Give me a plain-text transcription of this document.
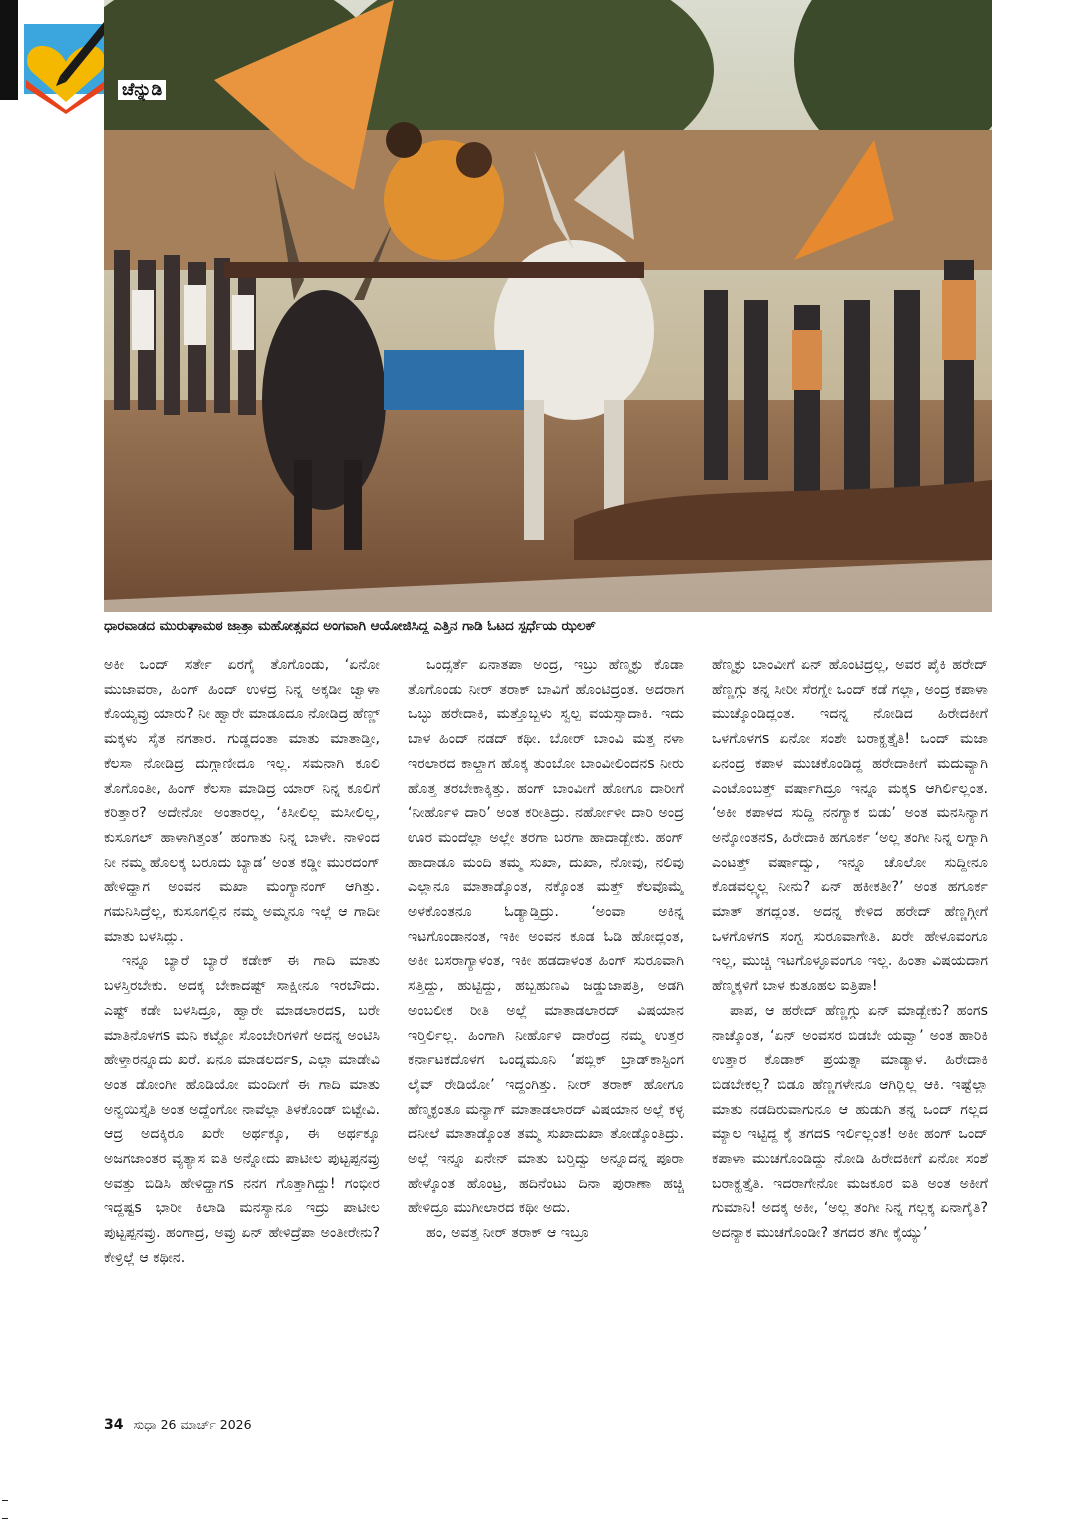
ಚೆನ್ನುಡಿ
ಧಾರವಾಡದ ಮುರುಘಾಮಠ ಜಾತ್ರಾ ಮಹೋತ್ಸವದ ಅಂಗವಾಗಿ ಆಯೋಜಿಸಿದ್ದ ಎತ್ತಿನ ಗಾಡಿ ಓಟದ ಸ್ಪರ್ಧೆಯ ಝಲಕ್

ಅಕೀ ಒಂದ್ ಸರ್ತೇ ಏರಗೈ ತೊಗೊಂಡು, ‘ಏನೋ ಮುಜಾವರಾ, ಹಿಂಗ್ ಹಿಂದ್ ಉಳದ್ರ ನಿನ್ನ ಅಕ್ಕಡೀ ಜ್ವಾಳಾ ಕೊಯ್ಯವ್ರು ಯಾರು? ನೀ ಹ್ವಾರೇ ಮಾಡೂದೂ ನೋಡಿದ್ರ ಹೆಣ್ಣ್ ಮಕ್ಕಳು ಸೈತ ನಗತಾರ. ಗುಡ್ಡದಂತಾ ಮಾತು ಮಾತಾಡ್ತೀ, ಕೆಲಸಾ ನೋಡಿದ್ರ ದುಗ್ಗಾಣೀದೂ ಇಲ್ಲ. ಸಮನಾಗಿ ಕೂಲಿ ತೊಗೊಂತೀ, ಹಿಂಗ್ ಕೆಲಸಾ ಮಾಡಿದ್ರ ಯಾರ್ ನಿನ್ನ ಕೂಲಿಗೆ ಕರಿತ್ತಾರ? ಅದೇನೋ ಅಂತಾರಲ್ಲ, ‘ಕಿಸೀಲಿಲ್ಲ ಮಸೀಲಿಲ್ಲ, ಕುಸೂಗಲ್ ಹಾಳಾಗಿತ್ತಂತ’ ಹಂಗಾತು ನಿನ್ನ ಬಾಳೇ. ನಾಳಿಂದ ನೀ ನಮ್ಮ ಹೊಲಕ್ಕ ಬರೂದು ಬ್ಯಾಡ’ ಅಂತ ಕಡ್ಡೀ ಮುರದಂಗ್ ಹೇಳಿದ್ಹಾಗ ಅಂವನ ಮಖಾ ಮಂಗ್ಯಾನಂಗ್ ಆಗಿತ್ತು. ಗಮನಿಸಿದ್ರೆಲ್ಲ, ಕುಸೂಗಲ್ಲಿನ ನಮ್ಮ ಅಮ್ಮನೂ ಇಲ್ಲೆ ಆ ಗಾದೀ ಮಾತು ಬಳಸಿದ್ಲು.

ಇನ್ನೂ ಬ್ಯಾರೆ ಬ್ಯಾರೆ ಕಡೇಕ್ ಈ ಗಾದಿ ಮಾತು ಬಳಸ್ತಿರಬೇಕು. ಅದಕ್ಕ ಬೇಕಾದಷ್ಟ್ ಸಾಕ್ಷೀನೂ ಇರಬೌದು. ಎಷ್ಟ್ ಕಡೇ ಬಳಸಿದ್ರೂ, ಹ್ವಾರೇ ಮಾಡಲಾರದs, ಬರೇ ಮಾತಿನೊಳಗs ಮನಿ ಕಟ್ಟೋ ಸೊಂಬೇರಿಗಳಿಗೆ ಅದನ್ನ ಅಂಟಿಸಿ ಹೇಳ್ತಾರನ್ನೂದು ಖರೆ. ಏನೂ ಮಾಡಲರ್ದs, ಎಲ್ಲಾ ಮಾಡೇವಿ ಅಂತ ಡೋಂಗೀ ಹೊಡಿಯೋ ಮಂದೀಗೆ ಈ ಗಾದಿ ಮಾತು ಅನ್ವಯಿಸ್ತೈತಿ ಅಂತ ಅದ್ದೆಂಗೋ ನಾವೆಲ್ಲಾ ತಿಳಕೊಂಡ್ ಬಿಟ್ಟೇವಿ. ಆದ್ರ ಅದಕ್ಕಿರೂ ಖರೇ ಅರ್ಥಕ್ಕೂ, ಈ ಅರ್ಥಕ್ಕೂ ಅಜಗಜಾಂತರ ವ್ಯತ್ಯಾಸ ಐತಿ ಅನ್ನೋದು ಪಾಟೀಲ ಪುಟ್ಟಪ್ಪನವ್ರು ಅವತ್ತು ಬಿಡಿಸಿ ಹೇಳಿದ್ಹಾಗs ನನಗ ಗೊತ್ತಾಗಿದ್ದು! ಗಂಭೀರ ಇದ್ದಷ್ಟs ಭಾರೀ ಕಿಲಾಡಿ ಮನಸ್ಯಾನೂ ಇದ್ರು ಪಾಟೀಲ ಪುಟ್ಟಪ್ಪನವ್ರು. ಹಂಗಾದ್ರ, ಅವ್ರು ಏನ್ ಹೇಳಿದ್ರೆಪಾ ಅಂತೀರೇನು? ಕೇಳ್ರಿಲ್ಲೆ ಆ ಕಥೀನ.

ಒಂದ್ಸರ್ತೆ ಏನಾತಪಾ ಅಂದ್ರ, ಇಬ್ರು ಹೆಣ್ಮಕ್ಳು ಕೊಡಾ ತೊಗೊಂಡು ನೀರ್ ತರಾಕ್ ಬಾವಿಗೆ ಹೊಂಟಿದ್ರಂತ. ಅದರಾಗ ಒಬ್ಳು ಹರೇದಾಕಿ, ಮತ್ತೊಬ್ಬಳು ಸ್ವಲ್ಪ ವಯಸ್ಸಾದಾಕಿ. ಇದು ಬಾಳ ಹಿಂದ್ ನಡದ್ ಕಥೀ. ಬೋರ್ ಬಾಂವಿ ಮತ್ತ ನಳಾ ಇರಲಾರದ ಕಾಲ್ದಾಗ ಹೊಕ್ಕ ತುಂಬೋ ಬಾಂವೀಲಿಂದನs ನೀರು ಹೊತ್ತ ತರಬೇಕಾಕ್ಕಿತ್ತು. ಹಂಗ್ ಬಾಂವೀಗೆ ಹೋಗೂ ದಾರೀಗೆ ‘ನೀರ್ಹೊಳಿ ದಾರಿ’ ಅಂತ ಕರೀತಿದ್ರು. ನರ್ಹೋಳೀ ದಾರಿ ಅಂದ್ರ ಊರ ಮಂದೆಲ್ಲಾ ಅಲ್ಲೇ ತರಗಾ ಬರಗಾ ಹಾದಾಡ್ಬೇಕು. ಹಂಗ್ ಹಾದಾಡೂ ಮಂದಿ ತಮ್ಮ ಸುಖಾ, ದುಖಾ, ನೋವು, ನಲಿವು ಎಲ್ಲಾನೂ ಮಾತಾಡ್ಕೊಂತ, ನಕ್ಕೊಂತ ಮತ್ತ್ ಕೆಲವೊಮ್ಮೆ ಅಳಕೊಂತನೂ ಓಡ್ಯಾಡ್ತಿದ್ರು. ‘ಅಂವಾ ಅಕಿನ್ನ ಇಟಗೊಂಡಾನಂತ, ಇಕೀ ಅಂವನ ಕೂಡ ಓಡಿ ಹೋದ್ಲಂತ, ಅಕೀ ಬಸರಾಗ್ಯಾಳಂತ, ಇಕೀ ಹಡದಾಳಂತ ಹಿಂಗ್ ಸುರೂವಾಗಿ ಸತ್ತಿದ್ದು, ಹುಟ್ಟಿದ್ದು, ಹಬ್ಬಹುಣವಿ ಜಡ್ಡುಜಾಪತ್ರಿ, ಅಡಗಿ ಅಂಬಲೀಕ ರೀತಿ ಅಲ್ಲೆ ಮಾತಾಡಲಾರದ್ ವಿಷಯಾನ ಇರ್‍ತಿರ್ಲಿಲ್ಲ. ಹಿಂಗಾಗಿ ನೀರ್ಹೊಳಿ ದಾರೆಂದ್ರ ನಮ್ಮ ಉತ್ತರ ಕರ್ನಾಟಕದೊಳಗ ಒಂದ್ನಮೂನಿ ‘ಪಬ್ಲಿಕ್ ಬ್ರಾಡ್‌ಕಾಸ್ಟಿಂಗ ಲೈವ್ ರೇಡಿಯೋ’ ಇದ್ದಂಗಿತ್ತು. ನೀರ್ ತರಾಕ್ ಹೋಗೂ ಹೆಣ್ಮಕ್ಳಂತೂ ಮನ್ಯಾಗ್ ಮಾತಾಡಲಾರದ್ ವಿಷಯಾನ ಅಲ್ಲೆ ಕಳ್ಳ ದನೀಲೆ ಮಾತಾಡ್ಕೊಂತ ತಮ್ಮ ಸುಖಾದುಖಾ ತೋಡ್ಕೊಂತಿದ್ರು. ಅಲ್ಲೆ ಇನ್ನೂ ಏನೇನ್ ಮಾತು ಬರ್‍ತಿದ್ವು ಅನ್ನೂದನ್ನ ಪೂರಾ ಹೇಳ್ಕೊಂತ ಹೊಂಟ್ರ, ಹದಿನೆಂಟು ದಿನಾ ಪುರಾಣಾ ಹಚ್ಚಿ ಹೇಳಿದ್ರೂ ಮುಗೀಲಾರದ ಕಥೀ ಅದು.

ಹಂ, ಅವತ್ತ ನೀರ್ ತರಾಕ್ ಆ ಇಬ್ರೂ

ಹೆಣ್ಮಕ್ಳು ಬಾಂವೀಗೆ ಏನ್ ಹೊಂಟಿದ್ರಲ್ಲ, ಅವರ ಪೈಕಿ ಹರೇದ್ ಹೆಣ್ಣಗ್ಗು ತನ್ನ ಸೀರೀ ಸೆರಗ್ನೇ ಒಂದ್ ಕಡೆ ಗಲ್ಲಾ, ಅಂದ್ರ ಕಪಾಳಾ ಮುಚ್ಕೊಂಡಿದ್ಲಂತ. ಇದನ್ನ ನೋಡಿದ ಹಿರೇದಕೀಗೆ ಒಳಗೊಳಗs ಏನೋ ಸಂಶೇ ಬರಾಕ್ಹತ್ತೈತಿ! ಒಂದ್ ಮಜಾ ಏನಂದ್ರ ಕಪಾಳ ಮುಚಕೊಂಡಿದ್ದ ಹರೇದಾಕೀಗೆ ಮದುವ್ಯಾಗಿ ಎಂಟೊಂಬತ್ತ್ ವರ್ಷಾಗಿದ್ರೂ ಇನ್ನೂ ಮಕ್ಕs ಆಗಿರ್ಲಿಲ್ಲಂತ. ‘ಅಕೀ ಕಪಾಳದ ಸುದ್ದಿ ನನಗ್ಯಾಕ ಬಿಡು’ ಅಂತ ಮನಸಿನ್ಯಾಗ ಅನ್ಕೋಂತನs, ಹಿರೇದಾಕಿ ಹಗೂರ್ಕ ‘ಅಲ್ಲ ತಂಗೀ ನಿನ್ನ ಲಗ್ನಾಗಿ ಎಂಟತ್ತ್ ವರ್ಷಾದ್ವು, ಇನ್ನೂ ಚೊಲೋ ಸುದ್ದೀನೂ ಕೊಡವಲ್ಲ್ಯಲ್ಲ ನೀನು? ಏನ್ ಹಕೀಕತೀ?’ ಅಂತ ಹಗೂರ್ಕ ಮಾತ್ ತಗದ್ಲಂತ. ಅದನ್ನ ಕೇಳಿದ ಹರೇದ್ ಹೆಣ್ಣಗ್ಗೀಗೆ ಒಳಗೊಳಗs ಸಂಗ್ಟ ಸುರೂವಾಗೇತಿ. ಖರೇ ಹೇಳೂವಂಗೂ ಇಲ್ಲ, ಮುಚ್ಚಿ ಇಟಗೊಳ್ಳೂವಂಗೂ ಇಲ್ಲ. ಹಿಂತಾ ವಿಷಯದಾಗ ಹೆಣ್ಮಕ್ಕಳಿಗೆ ಬಾಳ ಕುತೂಹಲ ಐತ್ರಿಪಾ!

ಪಾಪ, ಆ ಹರೇದ್ ಹೆಣ್ಣಗ್ಗು ಏನ್ ಮಾಡ್ಬೇಕು? ಹಂಗs ನಾಚ್ಕೊಂತ, ‘ಏನ್ ಅಂವಸರ ಬಿಡಬೇ ಯವ್ವಾ’ ಅಂತ ಹಾರಿಕಿ ಉತ್ತಾರ ಕೊಡಾಕ್ ಪ್ರಯತ್ನಾ ಮಾಡ್ಯಾಳ. ಹಿರೇದಾಕಿ ಬಿಡಬೇಕಲ್ಲ? ಬಿಡೂ ಹೆಣ್ಣಗಳೇನೂ ಆಗಿರ್‍ಲಿಲ್ಲ ಆಕಿ. ಇಷ್ಟೆಲ್ಲಾ ಮಾತು ನಡದಿರುವಾಗುನೂ ಆ ಹುಡುಗಿ ತನ್ನ ಒಂದ್ ಗಲ್ಲದ ಮ್ಯಾಲ ಇಟ್ಟಿದ್ದ ಕೈ ತಗದs ಇರ್ಲಿಲ್ಲಂತ! ಅಕೀ ಹಂಗ್ ಒಂದ್ ಕಪಾಳಾ ಮುಚಗೊಂಡಿದ್ದು ನೋಡಿ ಹಿರೇದಕೀಗೆ ಏನೋ ಸಂಶೆ ಬರಾಕ್ಹತ್ತೈತಿ. ಇದರಾಗೇನೋ ಮಜಕೂರ ಐತಿ ಅಂತ ಅಕೀಗೆ ಗುಮಾನಿ! ಅದಕ್ಕ ಅಕೀ, ‘ಅಲ್ಲ ತಂಗೀ ನಿನ್ನ ಗಲ್ಲಕ್ಕ ಏನಾಗೈತಿ? ಅದನ್ಯಾಕ ಮುಚಗೊಂಡೀ? ತಗದರ ತಗೀ ಕೈಯ್ಯು’

34 ಸುಧಾ 26 ಮಾರ್ಚ್ 2026
